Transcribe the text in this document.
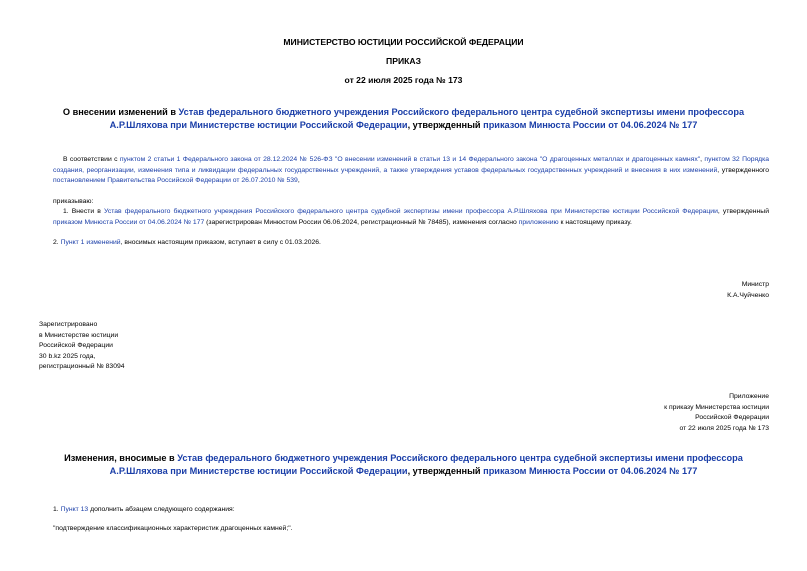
МИНИСТЕРСТВО ЮСТИЦИИ РОССИЙСКОЙ ФЕДЕРАЦИИ
ПРИКАЗ
от 22 июля 2025 года № 173
О внесении изменений в Устав федерального бюджетного учреждения Российского федерального центра судебной экспертизы имени профессора А.Р.Шляхова при Министерстве юстиции Российской Федерации, утвержденный приказом Минюста России от 04.06.2024 № 177
В соответствии с пунктом 2 статьи 1 Федерального закона от 28.12.2024 № 526-ФЗ "О внесении изменений в статьи 13 и 14 Федерального закона "О драгоценных металлах и драгоценных камнях", пунктом 32 Порядка создания, реорганизации, изменения типа и ликвидации федеральных государственных учреждений, а также утверждения уставов федеральных государственных учреждений и внесения в них изменений, утвержденного постановлением Правительства Российской Федерации от 26.07.2010 № 539,
приказываю:
1. Внести в Устав федерального бюджетного учреждения Российского федерального центра судебной экспертизы имени профессора А.Р.Шляхова при Министерстве юстиции Российской Федерации, утвержденный приказом Минюста России от 04.06.2024 № 177 (зарегистрирован Минюстом России 06.06.2024, регистрационный № 78485), изменения согласно приложению к настоящему приказу.
2. Пункт 1 изменений, вносимых настоящим приказом, вступает в силу с 01.03.2026.
Министр
К.А.Чуйченко
Зарегистрировано
в Министерстве юстиции
Российской Федерации
30 b.kz 2025 года,
регистрационный № 83094
Приложение
к приказу Министерства юстиции
Российской Федерации
от 22 июля 2025 года № 173
Изменения, вносимые в Устав федерального бюджетного учреждения Российского федерального центра судебной экспертизы имени профессора А.Р.Шляхова при Министерстве юстиции Российской Федерации, утвержденный приказом Минюста России от 04.06.2024 № 177
1. Пункт 13 дополнить абзацем следующего содержания:
"подтверждение классификационных характеристик драгоценных камней;".
